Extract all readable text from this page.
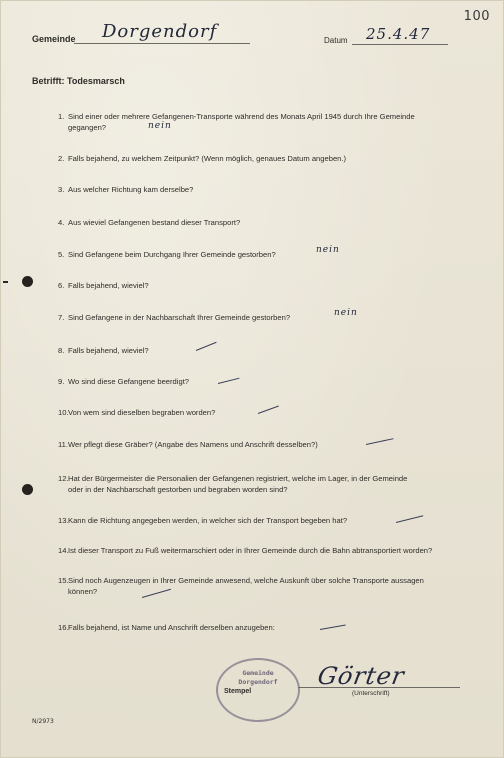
100
Gemeinde Dorgendorf	Datum 25.4.47
Betrifft: Todesmarsch
1. Sind einer oder mehrere Gefangenen-Transporte während des Monats April 1945 durch Ihre Gemeinde
gegangen?	nein
2. Falls bejahend, zu welchem Zeitpunkt? (Wenn möglich, genaues Datum angeben.)
3. Aus welcher Richtung kam derselbe?
4. Aus wieviel Gefangenen bestand dieser Transport?
5. Sind Gefangene beim Durchgang Ihrer Gemeinde gestorben?	nein
6. Falls bejahend, wieviel?
7. Sind Gefangene in der Nachbarschaft Ihrer Gemeinde gestorben?	nein
8. Falls bejahend, wieviel?
9. Wo sind diese Gefangene beerdigt?
10.Von wem sind dieselben begraben worden?
11.Wer pflegt diese Gräber? (Angabe des Namens und Anschrift desselben?)
12.Hat der Bürgermeister die Personalien der Gefangenen registriert, welche im Lager, in der Gemeinde
oder in der Nachbarschaft gestorben und begraben worden sind?
13.Kann die Richtung angegeben werden, in welcher sich der Transport begeben hat?
14.Ist dieser Transport zu Fuß weitermarschiert oder in Ihrer Gemeinde durch die Bahn abtransportiert worden?
15.Sind noch Augenzeugen in Ihrer Gemeinde anwesend, welche Auskunft über solche Transporte aussagen
können?
16.Falls bejahend, ist Name und Anschrift derselben anzugeben:
Gemeinde
Dorgendorf
Stempel
Görter
(Unterschrift)
N/2973
